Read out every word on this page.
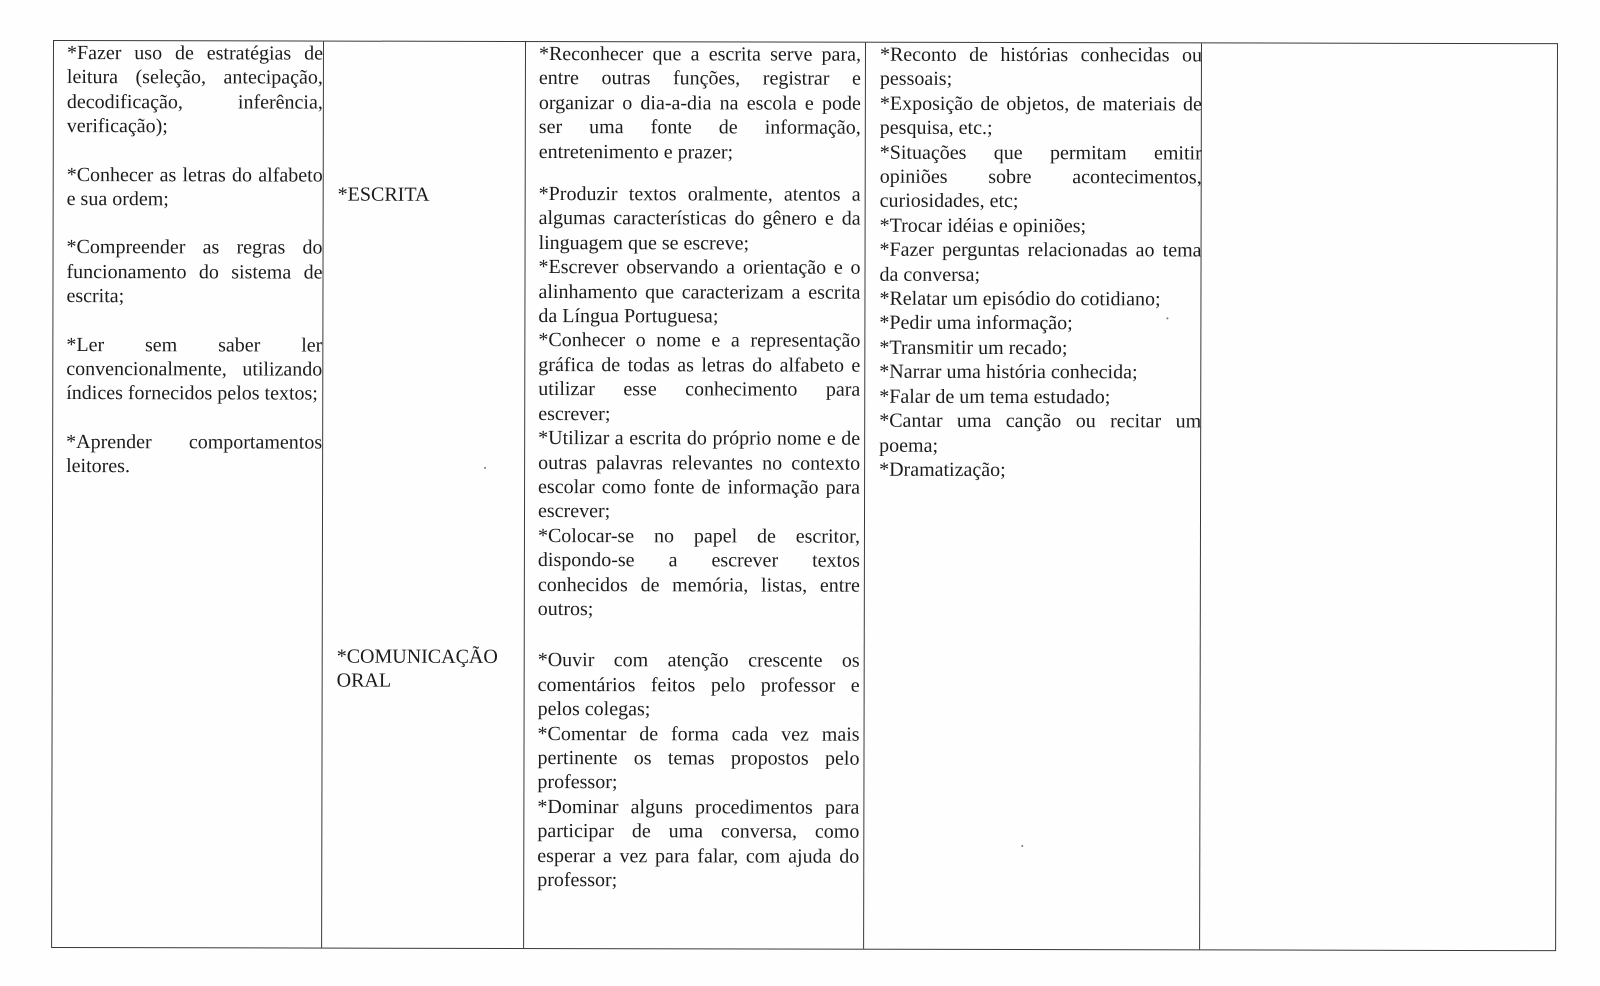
*Fazer uso de estratégias de leitura (seleção, antecipação, decodificação, inferência, verificação);

*Conhecer as letras do alfabeto e sua ordem;

*Compreender as regras do funcionamento do sistema de escrita;

*Ler sem saber ler convencionalmente, utilizando índices fornecidos pelos textos;

*Aprender comportamentos leitores.

*ESCRITA
*COMUNICAÇÃO ORAL

*Reconhecer que a escrita serve para, entre outras funções, registrar e organizar o dia-a-dia na escola e pode ser uma fonte de informação, entretenimento e prazer;

*Produzir textos oralmente, atentos a algumas características do gênero e da linguagem que se escreve;

*Escrever observando a orientação e o alinhamento que caracterizam a escrita da Língua Portuguesa;

*Conhecer o nome e a representação gráfica de todas as letras do alfabeto e utilizar esse conhecimento para escrever;

*Utilizar a escrita do próprio nome e de outras palavras relevantes no contexto escolar como fonte de informação para escrever;

*Colocar-se no papel de escritor, dispondo-se a escrever textos conhecidos de memória, listas, entre outros;

*Ouvir com atenção crescente os comentários feitos pelo professor e pelos colegas;

*Comentar de forma cada vez mais pertinente os temas propostos pelo professor;

*Dominar alguns procedimentos para participar de uma conversa, como esperar a vez para falar, com ajuda do professor;

*Reconto de histórias conhecidas ou pessoais;

*Exposição de objetos, de materiais de pesquisa, etc.;

*Situações que permitam emitir opiniões sobre acontecimentos, curiosidades, etc;

*Trocar idéias e opiniões;

*Fazer perguntas relacionadas ao tema da conversa;

*Relatar um episódio do cotidiano;

*Pedir uma informação;

*Transmitir um recado;

*Narrar uma história conhecida;

*Falar de um tema estudado;

*Cantar uma canção ou recitar um poema;

*Dramatização;
